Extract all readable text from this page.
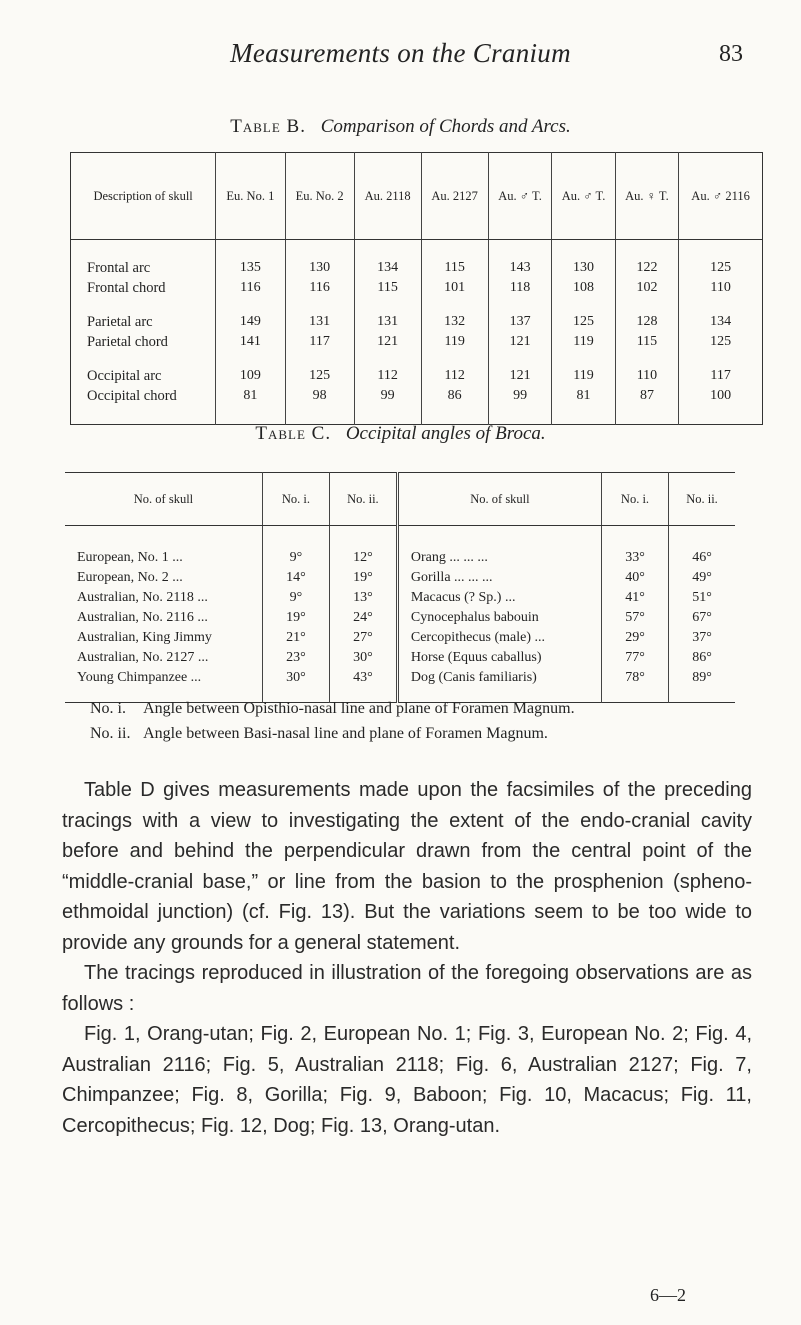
Measurements on the Cranium	83
Table B. Comparison of Chords and Arcs.
Description of skull	Eu. No. 1	Eu. No. 2	Au. 2118	Au. 2127	Au. ♂ T.	Au. ♂ T.	Au. ♀ T.	Au. ♂ 2116
Frontal arc	135	130	134	115	143	130	122	125
Frontal chord	116	116	115	101	118	108	102	110
Parietal arc	149	131	131	132	137	125	128	134
Parietal chord	141	117	121	119	121	119	115	125
Occipital arc	109	125	112	112	121	119	110	117
Occipital chord	81	98	99	86	99	81	87	100
Table C. Occipital angles of Broca.
No. of skull	No. i.	No. ii.	No. of skull	No. i.	No. ii.
European, No. 1 ...	9°	12°	Orang ... ... ...	33°	46°
European, No. 2 ...	14°	19°	Gorilla ... ... ...	40°	49°
Australian, No. 2118 ...	9°	13°	Macacus (? Sp.) ...	41°	51°
Australian, No. 2116 ...	19°	24°	Cynocephalus babouin	57°	67°
Australian, King Jimmy	21°	27°	Cercopithecus (male) ...	29°	37°
Australian, No. 2127 ...	23°	30°	Horse (Equus caballus)	77°	86°
Young Chimpanzee ...	30°	43°	Dog (Canis familiaris)	78°	89°
No. i. Angle between Opisthio-nasal line and plane of Foramen Magnum.
No. ii. Angle between Basi-nasal line and plane of Foramen Magnum.

Table D gives measurements made upon the facsimiles of the preceding tracings with a view to investigating the extent of the endo-cranial cavity before and behind the perpendicular drawn from the central point of the “middle-cranial base,” or line from the basion to the prosphenion (spheno-ethmoidal junction) (cf. Fig. 13). But the variations seem to be too wide to provide any grounds for a general statement.

The tracings reproduced in illustration of the foregoing observations are as follows :

Fig. 1, Orang-utan; Fig. 2, European No. 1; Fig. 3, European No. 2; Fig. 4, Australian 2116; Fig. 5, Australian 2118; Fig. 6, Australian 2127; Fig. 7, Chimpanzee; Fig. 8, Gorilla; Fig. 9, Baboon; Fig. 10, Macacus; Fig. 11, Cercopithecus; Fig. 12, Dog; Fig. 13, Orang-utan.

6—2
